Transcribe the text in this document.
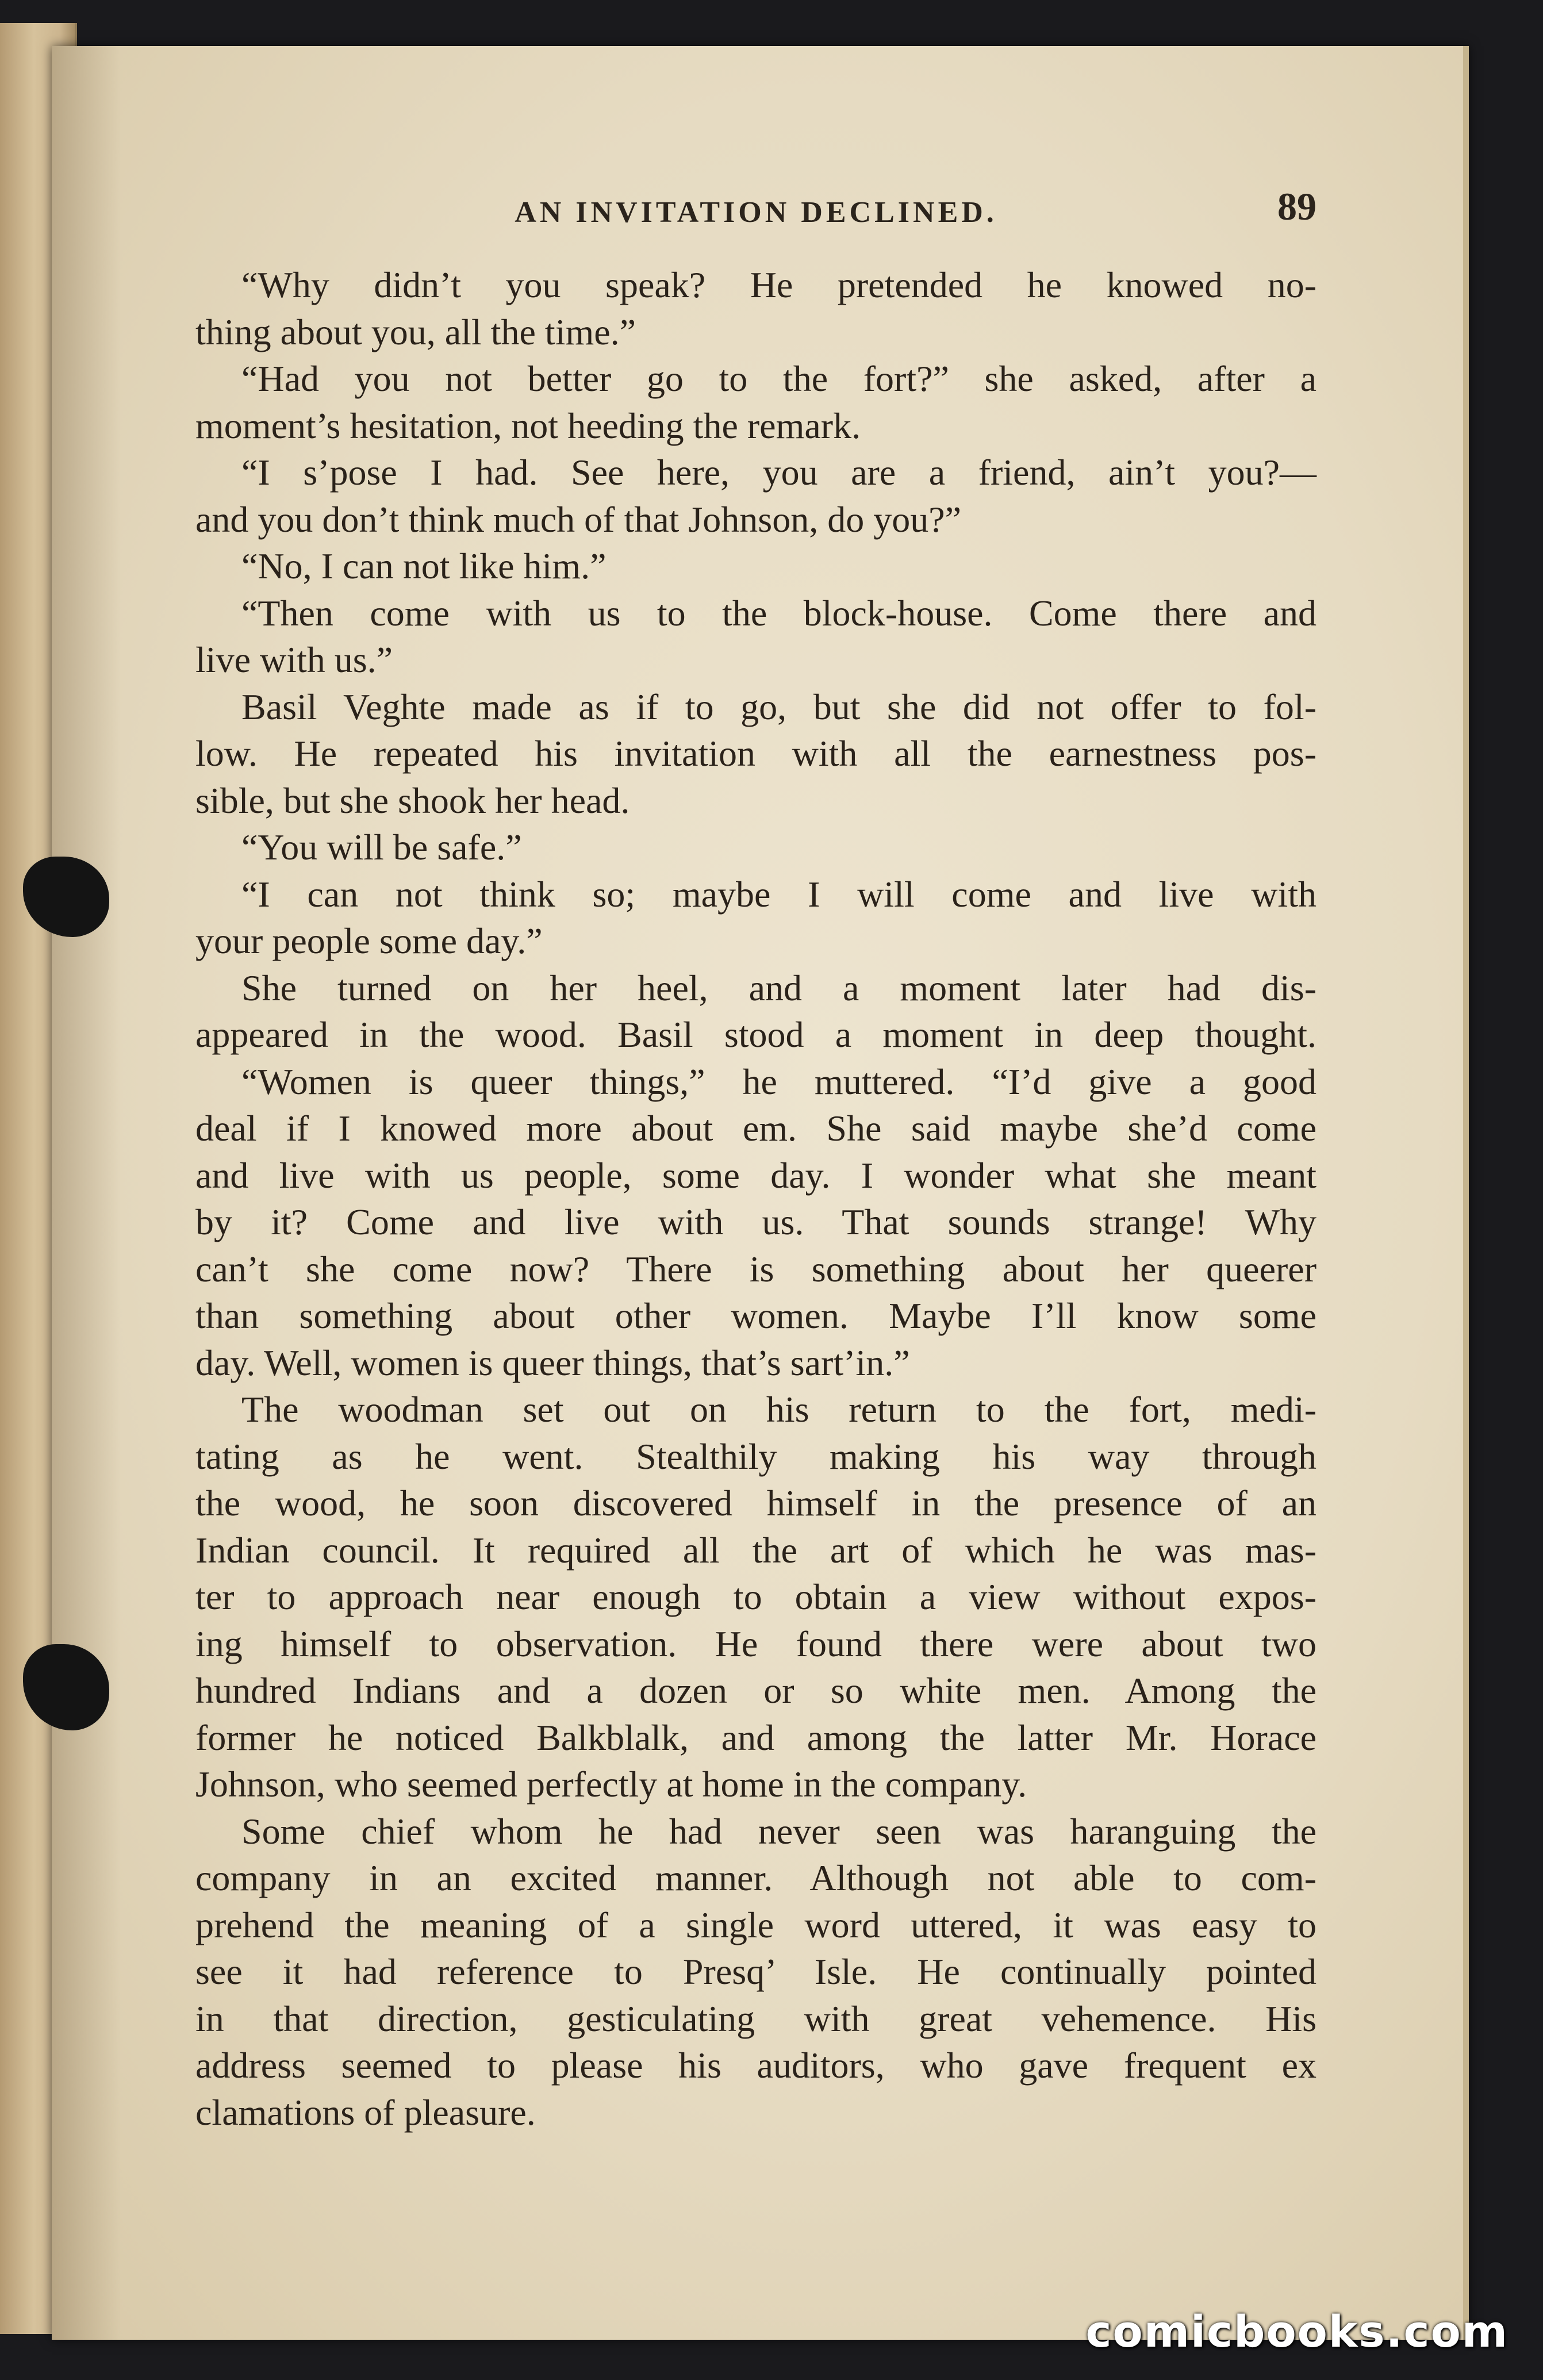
AN INVITATION DECLINED.	89
“Why didn’t you speak? He pretended he knowed no-
thing about you, all the time.”
“Had you not better go to the fort?” she asked, after a
moment’s hesitation, not heeding the remark.
“I s’pose I had. See here, you are a friend, ain’t you?—
and you don’t think much of that Johnson, do you?”
“No, I can not like him.”
“Then come with us to the block-house. Come there and
live with us.”
Basil Veghte made as if to go, but she did not offer to fol-
low. He repeated his invitation with all the earnestness pos-
sible, but she shook her head.
“You will be safe.”
“I can not think so; maybe I will come and live with
your people some day.”
She turned on her heel, and a moment later had dis-
appeared in the wood. Basil stood a moment in deep thought.
“Women is queer things,” he muttered. “I’d give a good
deal if I knowed more about em. She said maybe she’d come
and live with us people, some day. I wonder what she meant
by it? Come and live with us. That sounds strange! Why
can’t she come now? There is something about her queerer
than something about other women. Maybe I’ll know some
day. Well, women is queer things, that’s sart’in.”
The woodman set out on his return to the fort, medi-
tating as he went. Stealthily making his way through
the wood, he soon discovered himself in the presence of an
Indian council. It required all the art of which he was mas-
ter to approach near enough to obtain a view without expos-
ing himself to observation. He found there were about two
hundred Indians and a dozen or so white men. Among the
former he noticed Balkblalk, and among the latter Mr. Horace
Johnson, who seemed perfectly at home in the company.
Some chief whom he had never seen was haranguing the
company in an excited manner. Although not able to com-
prehend the meaning of a single word uttered, it was easy to
see it had reference to Presq’ Isle. He continually pointed
in that direction, gesticulating with great vehemence. His
address seemed to please his auditors, who gave frequent ex
clamations of pleasure.
comicbooks.com
